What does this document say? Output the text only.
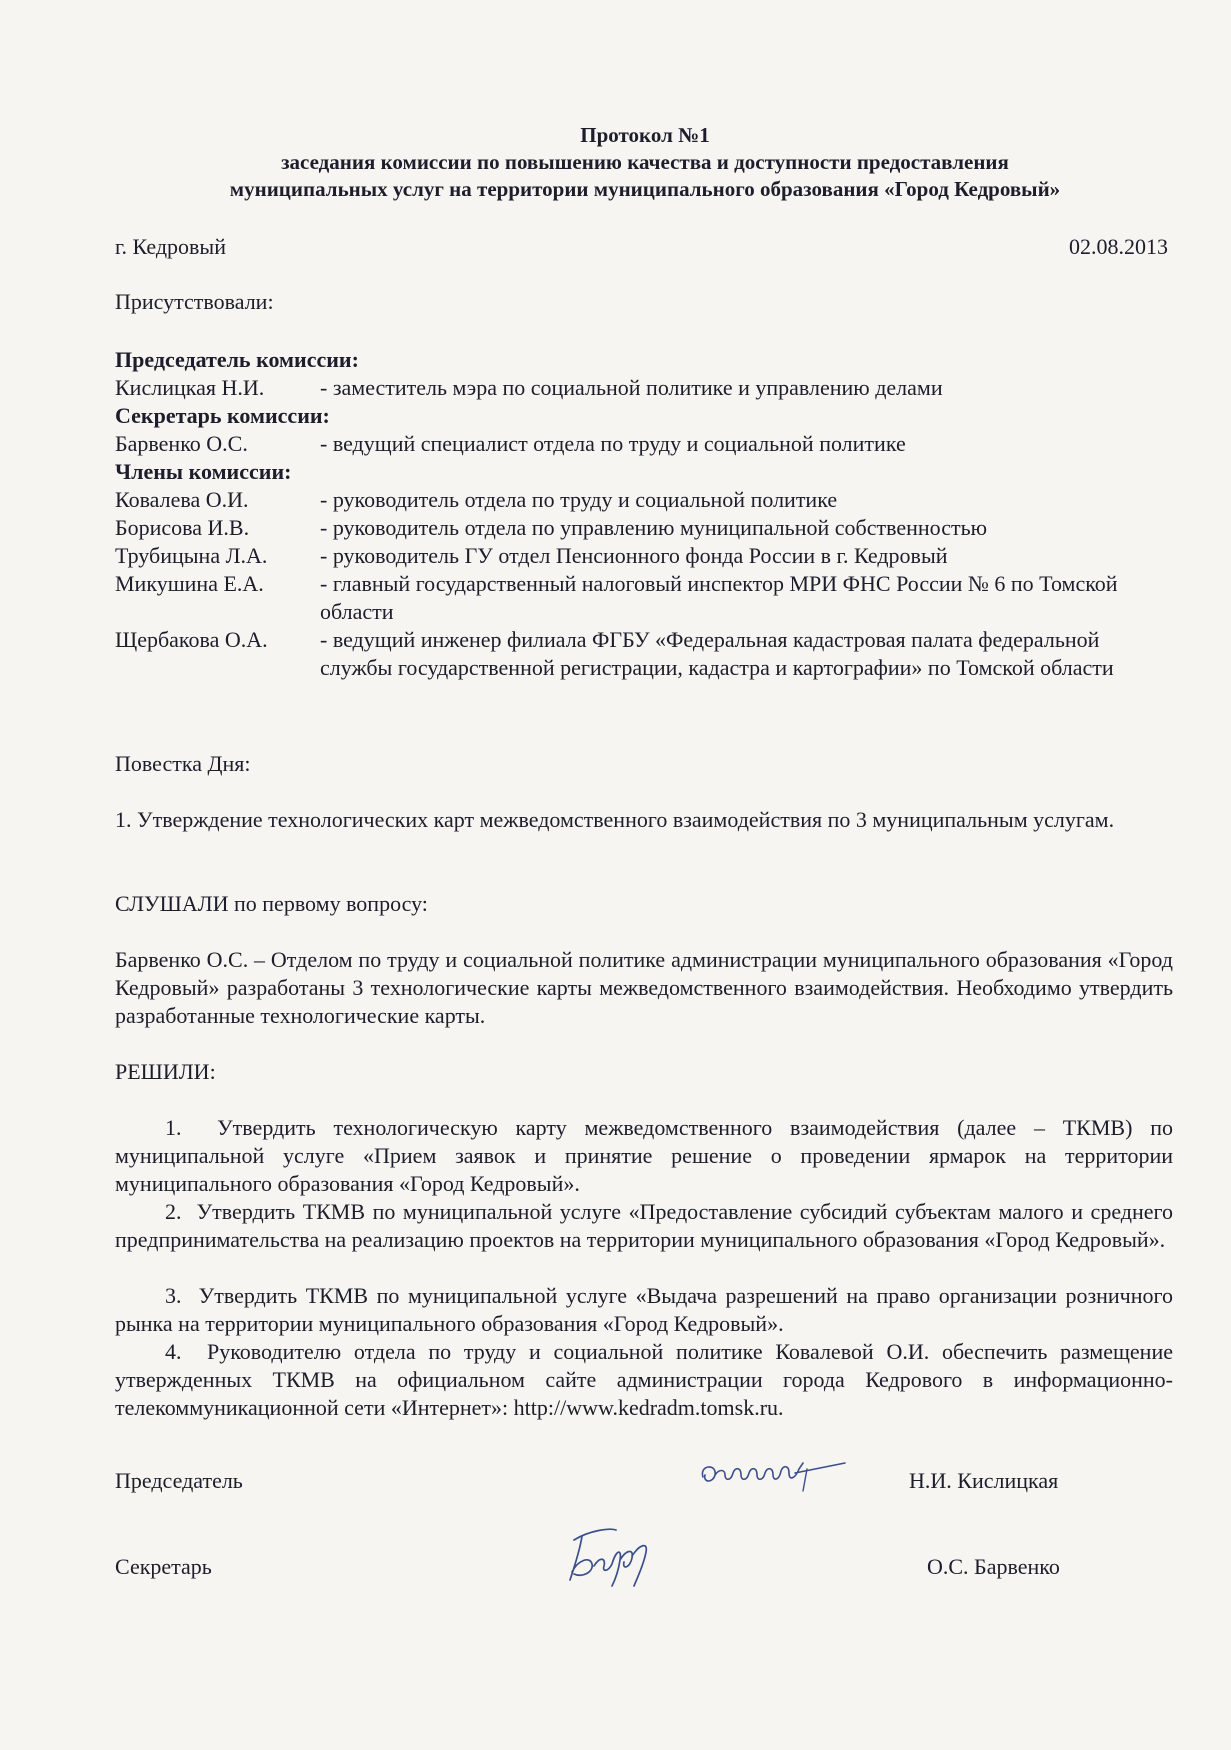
Протокол №1
заседания комиссии по повышению качества и доступности предоставления
муниципальных услуг на территории муниципального образования «Город Кедровый»
г. Кедровый	02.08.2013
Присутствовали:
Председатель комиссии:
Кислицкая Н.И.	- заместитель мэра по социальной политике и управлению делами
Секретарь комиссии:
Барвенко О.С.	- ведущий специалист отдела по труду и социальной политике
Члены комиссии:
Ковалева О.И.	- руководитель отдела по труду и социальной политике
Борисова И.В.	- руководитель отдела по управлению муниципальной собственностью
Трубицына Л.А. - руководитель ГУ отдел Пенсионного фонда России в г. Кедровый
Микушина Е.А.	- главный государственный налоговый инспектор МРИ ФНС России № 6 по Томской области
Щербакова О.А. - ведущий инженер филиала ФГБУ «Федеральная кадастровая палата федеральной службы государственной регистрации, кадастра и картографии» по Томской области
Повестка Дня:
1. Утверждение технологических карт межведомственного взаимодействия по 3 муниципальным услугам.
СЛУШАЛИ по первому вопросу:
Барвенко О.С. – Отделом по труду и социальной политике администрации муниципального образования «Город Кедровый» разработаны 3 технологические карты межведомственного взаимодействия. Необходимо утвердить разработанные технологические карты.
РЕШИЛИ:
1. Утвердить технологическую карту межведомственного взаимодействия (далее – ТКМВ) по муниципальной услуге «Прием заявок и принятие решение о проведении ярмарок на территории муниципального образования «Город Кедровый».
2. Утвердить ТКМВ по муниципальной услуге «Предоставление субсидий субъектам малого и среднего предпринимательства на реализацию проектов на территории муниципального образования «Город Кедровый».
3. Утвердить ТКМВ по муниципальной услуге «Выдача разрешений на право организации розничного рынка на территории муниципального образования «Город Кедровый».
4. Руководителю отдела по труду и социальной политике Ковалевой О.И. обеспечить размещение утвержденных ТКМВ на официальном сайте администрации города Кедрового в информационно-телекоммуникационной сети «Интернет»: http://www.kedradm.tomsk.ru.
Председатель	Н.И. Кислицкая
Секретарь	О.С. Барвенко
